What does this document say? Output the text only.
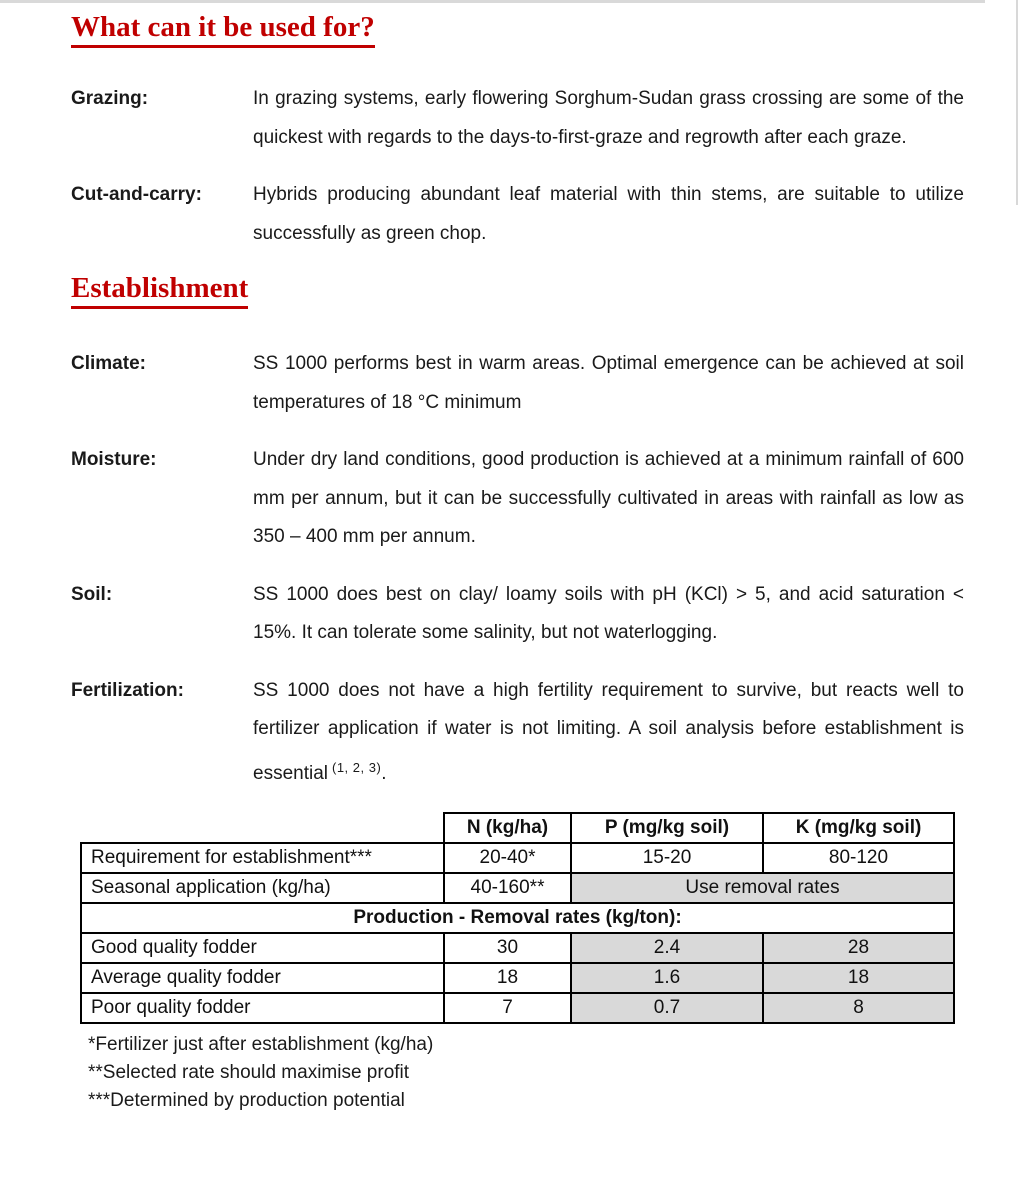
What can it be used for?
Grazing:	In grazing systems, early flowering Sorghum-Sudan grass crossing are some of the quickest with regards to the days-to-first-graze and regrowth after each graze.
Cut-and-carry:	Hybrids producing abundant leaf material with thin stems, are suitable to utilize successfully as green chop.
Establishment
Climate:	SS 1000 performs best in warm areas. Optimal emergence can be achieved at soil temperatures of 18 °C minimum
Moisture:	Under dry land conditions, good production is achieved at a minimum rainfall of 600 mm per annum, but it can be successfully cultivated in areas with rainfall as low as 350 – 400 mm per annum.
Soil:	SS 1000 does best on clay/ loamy soils with pH (KCl) > 5, and acid saturation < 15%. It can tolerate some salinity, but not waterlogging.
Fertilization:	SS 1000 does not have a high fertility requirement to survive, but reacts well to fertilizer application if water is not limiting. A soil analysis before establishment is essential $^{(1, 2, 3)}$.
	N (kg/ha)	P (mg/kg soil)	K (mg/kg soil)
Requirement for establishment***	20-40*	15-20	80-120
Seasonal application (kg/ha)	40-160**	Use removal rates	
Production - Removal rates (kg/ton):			
Good quality fodder	30	2.4	28
Average quality fodder	18	1.6	18
Poor quality fodder	7	0.7	8

*Fertilizer just after establishment (kg/ha)

**Selected rate should maximise profit

***Determined by production potential
